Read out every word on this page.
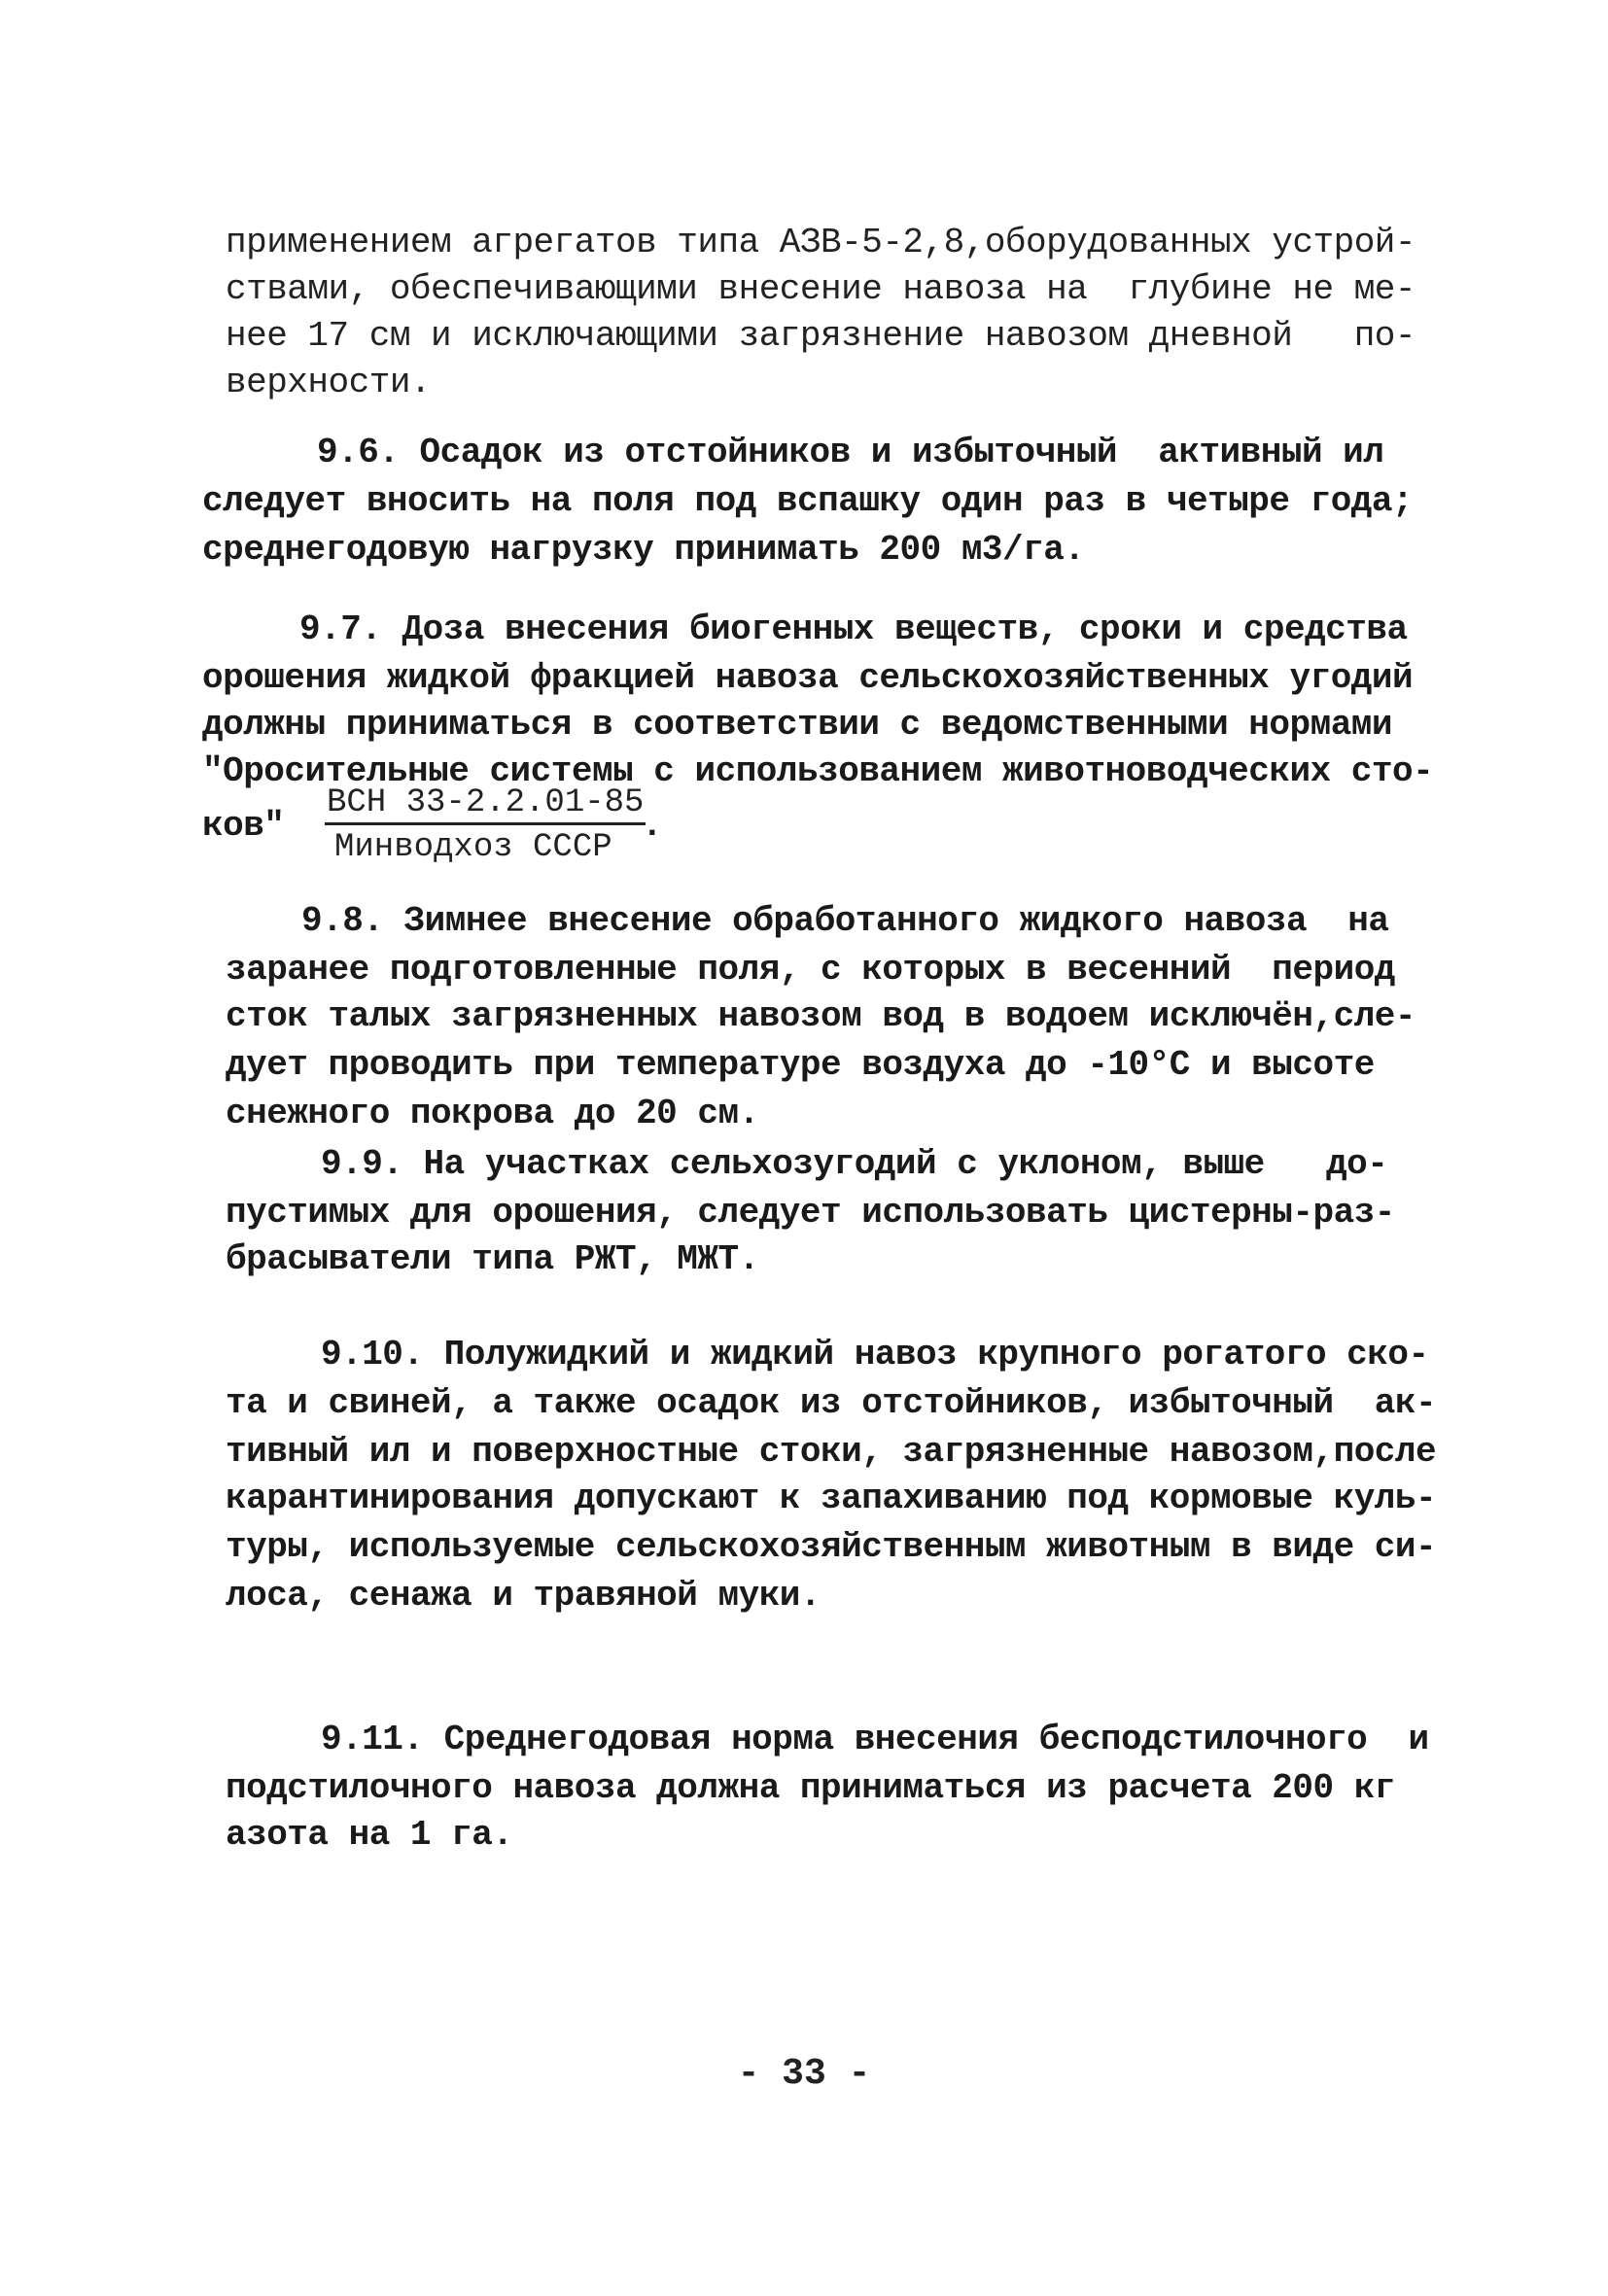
применением агрегатов типа АЗВ-5-2,8,оборудованных устрой-
ствами, обеспечивающими внесение навоза на  глубине не ме-
нее 17 см и исключающими загрязнение навозом дневной   по-
верхности.
9.6. Осадок из отстойников и избыточный  активный ил
следует вносить на поля под вспашку один раз в четыре года;
среднегодовую нагрузку принимать 200 м3/га.
9.7. Доза внесения биогенных веществ, сроки и средства
орошения жидкой фракцией навоза сельскохозяйственных угодий
должны приниматься в соответствии с ведомственными нормами
"Оросительные системы с использованием животноводческих сто-
ков"
ВСН 33-2.2.01-85
Минводхоз СССР
.
9.8. Зимнее внесение обработанного жидкого навоза  на
заранее подготовленные поля, с которых в весенний  период
сток талых загрязненных навозом вод в водоем исключён,сле-
дует проводить при температуре воздуха до -10°С и высоте
снежного покрова до 20 см.
9.9. На участках сельхозугодий с уклоном, выше   до-
пустимых для орошения, следует использовать цистерны-раз-
брасыватели типа РЖТ, МЖТ.
9.10. Полужидкий и жидкий навоз крупного рогатого ско-
та и свиней, а также осадок из отстойников, избыточный  ак-
тивный ил и поверхностные стоки, загрязненные навозом,после
карантинирования допускают к запахиванию под кормовые куль-
туры, используемые сельскохозяйственным животным в виде си-
лоса, сенажа и травяной муки.
9.11. Среднегодовая норма внесения бесподстилочного  и
подстилочного навоза должна приниматься из расчета 200 кг
азота на 1 га.
- 33 -
